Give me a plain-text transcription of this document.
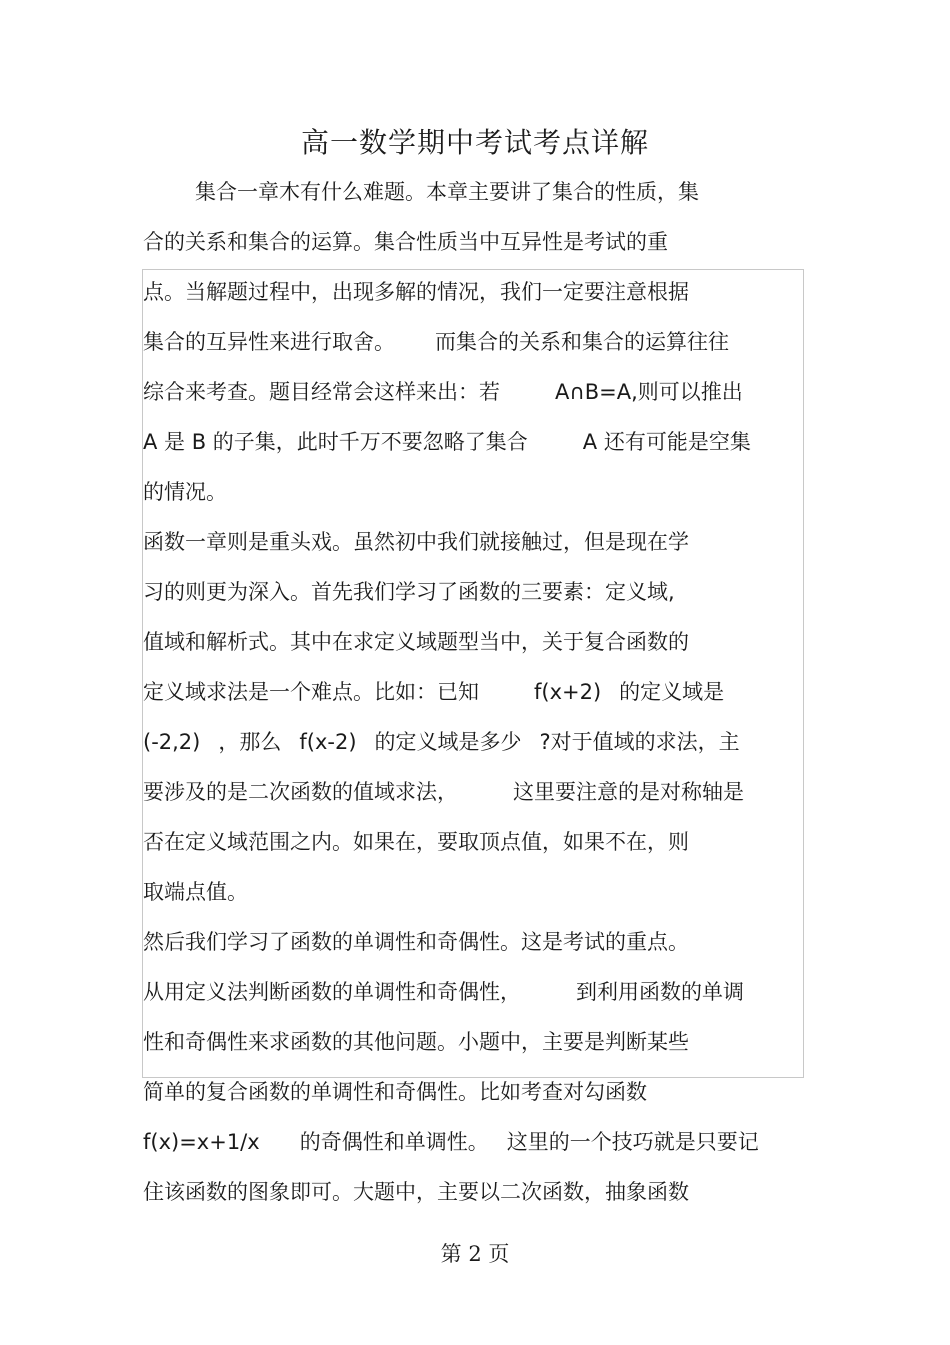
高一数学期中考试考点详解
集合一章木有什么难题。本章主要讲了集合的性质，集
合的关系和集合的运算。集合性质当中互异性是考试的重
点。当解题过程中，出现多解的情况，我们一定要注意根据
集合的互异性来进行取舍。 而集合的关系和集合的运算往往
综合来考查。题目经常会这样来出：若	A∩B=A,则可以推出
A 是 B 的子集，此时千万不要忽略了集合	A 还有可能是空集
的情况。
函数一章则是重头戏。虽然初中我们就接触过，但是现在学
习的则更为深入。首先我们学习了函数的三要素：定义域,
值域和解析式。其中在求定义域题型当中，关于复合函数的
定义域求法是一个难点。比如：已知	f(x+2) 的定义域是
(-2,2) ，那么 f(x-2) 的定义域是多少 ?对于值域的求法，主
要涉及的是二次函数的值域求法，	这里要注意的是对称轴是
否在定义域范围之内。如果在，要取顶点值，如果不在，则
取端点值。
然后我们学习了函数的单调性和奇偶性。这是考试的重点。
从用定义法判断函数的单调性和奇偶性，	到利用函数的单调
性和奇偶性来求函数的其他问题。小题中，主要是判断某些
简单的复合函数的单调性和奇偶性。比如考查对勾函数
f(x)=x+1/x 的奇偶性和单调性。 这里的一个技巧就是只要记
住该函数的图象即可。大题中，主要以二次函数，抽象函数
第 2 页
